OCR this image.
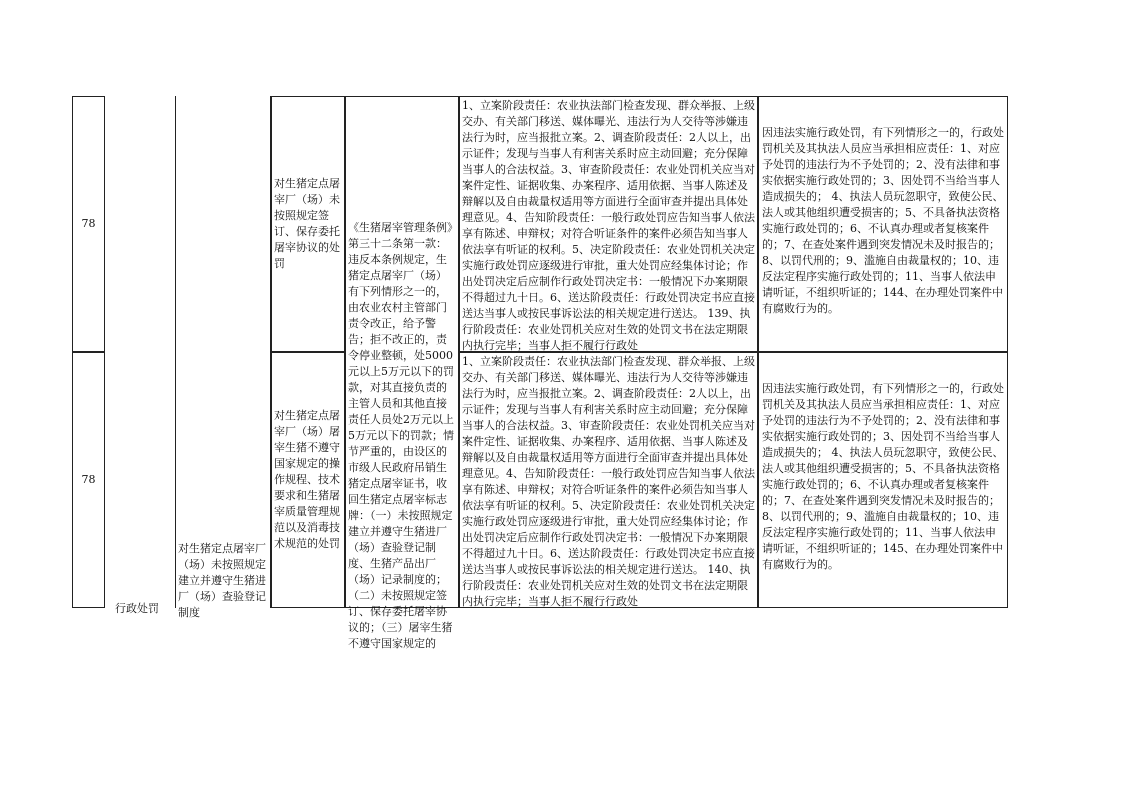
78
对生猪定点屠宰厂（场）未按照规定签订、保存委托屠宰协议的处罚
《生猪屠宰管理条例》第三十二条第一款：违反本条例规定，生猪定点屠宰厂（场）有下列情形之一的，由农业农村主管部门责令改正，给予警告；拒不改正的，责令停业整顿，处5000元以上5万元以下的罚款，对其直接负责的主管人员和其他直接责任人员处2万元以上5万元以下的罚款；情节严重的，由设区的市级人民政府吊销生猪定点屠宰证书，收回生猪定点屠宰标志牌：（一）未按照规定建立并遵守生猪进厂（场）查验登记制度、生猪产品出厂（场）记录制度的；（二）未按照规定签订、保存委托屠宰协议的；（三）屠宰生猪不遵守国家规定的
1、立案阶段责任：农业执法部门检查发现、群众举报、上级交办、有关部门移送、媒体曝光、违法行为人交待等涉嫌违法行为时，应当报批立案。2、调查阶段责任：2人以上，出示证件；发现与当事人有利害关系时应主动回避；充分保障当事人的合法权益。3、审查阶段责任：农业处罚机关应当对案件定性、证据收集、办案程序、适用依据、当事人陈述及辩解以及自由裁量权适用等方面进行全面审查并提出具体处理意见。4、告知阶段责任：一般行政处罚应告知当事人依法享有陈述、申辩权；对符合听证条件的案件必须告知当事人依法享有听证的权利。5、决定阶段责任：农业处罚机关决定实施行政处罚应逐级进行审批，重大处罚应经集体讨论；作出处罚决定后应制作行政处罚决定书：一般情况下办案期限不得超过九十日。6、送达阶段责任：行政处罚决定书应直接送达当事人或按民事诉讼法的相关规定进行送达。 139、执行阶段责任：农业处罚机关应对生效的处罚文书在法定期限内执行完毕；当事人拒不履行行政处
因违法实施行政处罚，有下列情形之一的，行政处罚机关及其执法人员应当承担相应责任：1、对应予处罚的违法行为不予处罚的；2、没有法律和事实依据实施行政处罚的；3、因处罚不当给当事人造成损失的； 4、执法人员玩忽职守，致使公民、法人或其他组织遭受损害的；5、不具备执法资格实施行政处罚的；6、不认真办理或者复核案件的；7、在查处案件遇到突发情况未及时报告的；8、以罚代刑的；9、滥施自由裁量权的；10、违反法定程序实施行政处罚的；11、当事人依法申请听证，不组织听证的；144、在办理处罚案件中有腐败行为的。
78
对生猪定点屠宰厂（场）屠宰生猪不遵守国家规定的操作规程、技术要求和生猪屠宰质量管理规范以及消毒技术规范的处罚
1、立案阶段责任：农业执法部门检查发现、群众举报、上级交办、有关部门移送、媒体曝光、违法行为人交待等涉嫌违法行为时，应当报批立案。2、调查阶段责任：2人以上，出示证件；发现与当事人有利害关系时应主动回避；充分保障当事人的合法权益。3、审查阶段责任：农业处罚机关应当对案件定性、证据收集、办案程序、适用依据、当事人陈述及辩解以及自由裁量权适用等方面进行全面审查并提出具体处理意见。4、告知阶段责任：一般行政处罚应告知当事人依法享有陈述、申辩权；对符合听证条件的案件必须告知当事人依法享有听证的权利。5、决定阶段责任：农业处罚机关决定实施行政处罚应逐级进行审批，重大处罚应经集体讨论；作出处罚决定后应制作行政处罚决定书：一般情况下办案期限不得超过九十日。6、送达阶段责任：行政处罚决定书应直接送达当事人或按民事诉讼法的相关规定进行送达。 140、执行阶段责任：农业处罚机关应对生效的处罚文书在法定期限内执行完毕；当事人拒不履行行政处
因违法实施行政处罚，有下列情形之一的，行政处罚机关及其执法人员应当承担相应责任：1、对应予处罚的违法行为不予处罚的；2、没有法律和事实依据实施行政处罚的；3、因处罚不当给当事人造成损失的； 4、执法人员玩忽职守，致使公民、法人或其他组织遭受损害的；5、不具备执法资格实施行政处罚的；6、不认真办理或者复核案件的；7、在查处案件遇到突发情况未及时报告的；8、以罚代刑的；9、滥施自由裁量权的；10、违反法定程序实施行政处罚的；11、当事人依法申请听证，不组织听证的；145、在办理处罚案件中有腐败行为的。
对生猪定点屠宰厂（场）未按照规定建立并遵守生猪进厂（场）查验登记制度
行政处罚
